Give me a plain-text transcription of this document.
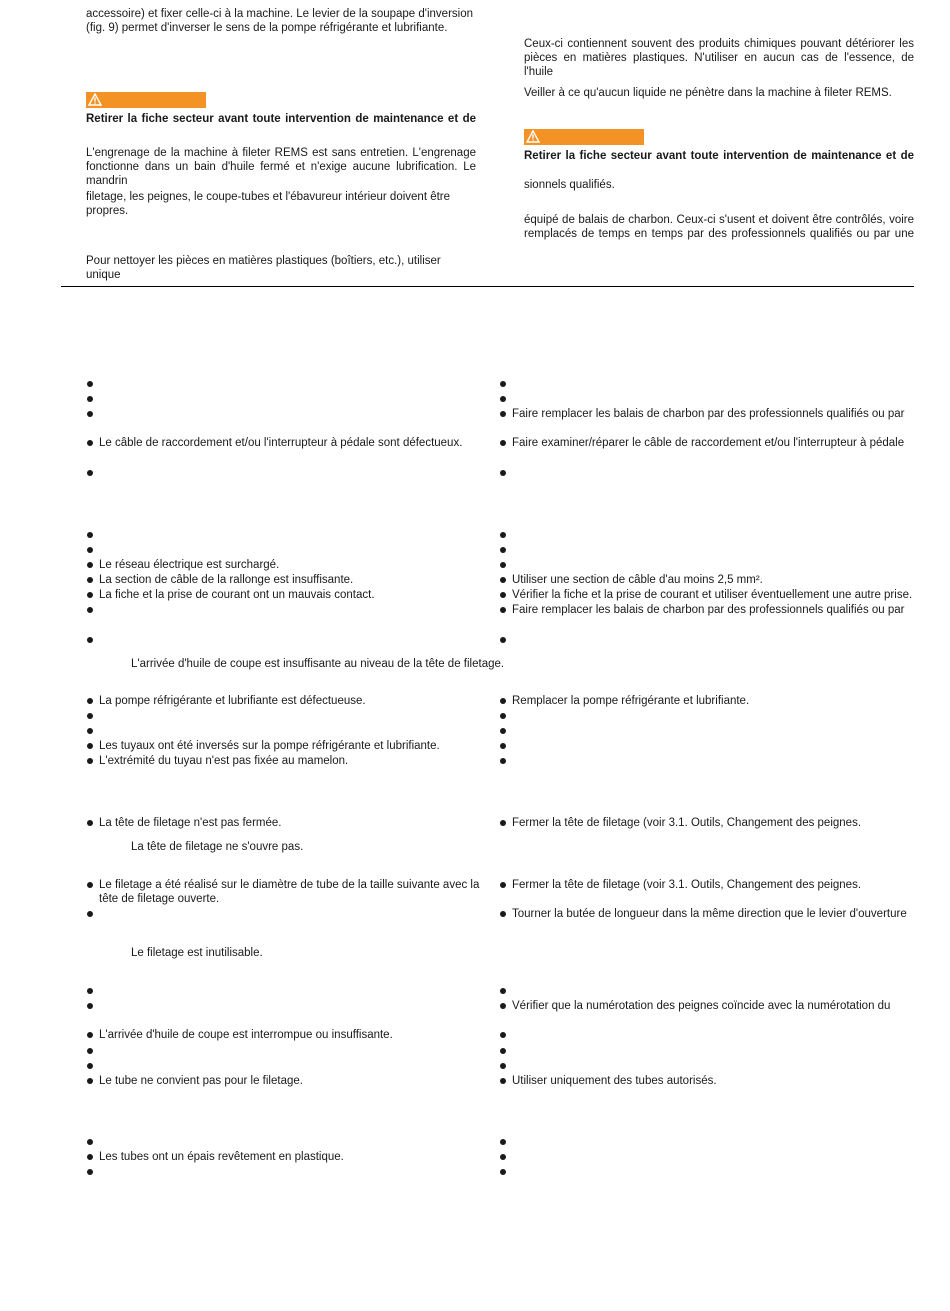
accessoire) et fixer celle-ci à la machine. Le levier de la soupape d'inversion
(fig. 9) permet d'inverser le sens de la pompe réfrigérante et lubrifiante.
Retirer la fiche secteur avant toute intervention de maintenance et de
L'engrenage de la machine à fileter REMS est sans entretien. L'engrenage
fonctionne dans un bain d'huile fermé et n'exige aucune lubrification. Le mandrin
filetage, les peignes, le coupe-tubes et l'ébavureur intérieur doivent être propres.
Pour nettoyer les pièces en matières plastiques (boîtiers, etc.), utiliser unique
Ceux-ci contiennent souvent des produits chimiques pouvant détériorer les
pièces en matières plastiques. N'utiliser en aucun cas de l'essence, de l'huile
Veiller à ce qu'aucun liquide ne pénètre dans la machine à fileter REMS.
Retirer la fiche secteur avant toute intervention de maintenance et de
sionnels qualifiés.
équipé de balais de charbon. Ceux-ci s'usent et doivent être contrôlés, voire
remplacés de temps en temps par des professionnels qualifiés ou par une
Le câble de raccordement et/ou l'interrupteur à pédale sont défectueux.
Faire remplacer les balais de charbon par des professionnels qualifiés ou par
Faire examiner/réparer le câble de raccordement et/ou l'interrupteur à pédale
Le réseau électrique est surchargé.
La section de câble de la rallonge est insuffisante.
La fiche et la prise de courant ont un mauvais contact.
Utiliser une section de câble d'au moins 2,5 mm².
Vérifier la fiche et la prise de courant et utiliser éventuellement une autre prise.
Faire remplacer les balais de charbon par des professionnels qualifiés ou par
L'arrivée d'huile de coupe est insuffisante au niveau de la tête de filetage.
La pompe réfrigérante et lubrifiante est défectueuse.
Les tuyaux ont été inversés sur la pompe réfrigérante et lubrifiante.
L'extrémité du tuyau n'est pas fixée au mamelon.
Remplacer la pompe réfrigérante et lubrifiante.
La tête de filetage n'est pas fermée.	Fermer la tête de filetage (voir 3.1. Outils, Changement des peignes.
La tête de filetage ne s'ouvre pas.
Le filetage a été réalisé sur le diamètre de tube de la taille suivante avec la
tête de filetage ouverte.
Fermer la tête de filetage (voir 3.1. Outils, Changement des peignes.
Tourner la butée de longueur dans la même direction que le levier d'ouverture
Le filetage est inutilisable.
L'arrivée d'huile de coupe est interrompue ou insuffisante.
Le tube ne convient pas pour le filetage.
Vérifier que la numérotation des peignes coïncide avec la numérotation du
Utiliser uniquement des tubes autorisés.
Les tubes ont un épais revêtement en plastique.
